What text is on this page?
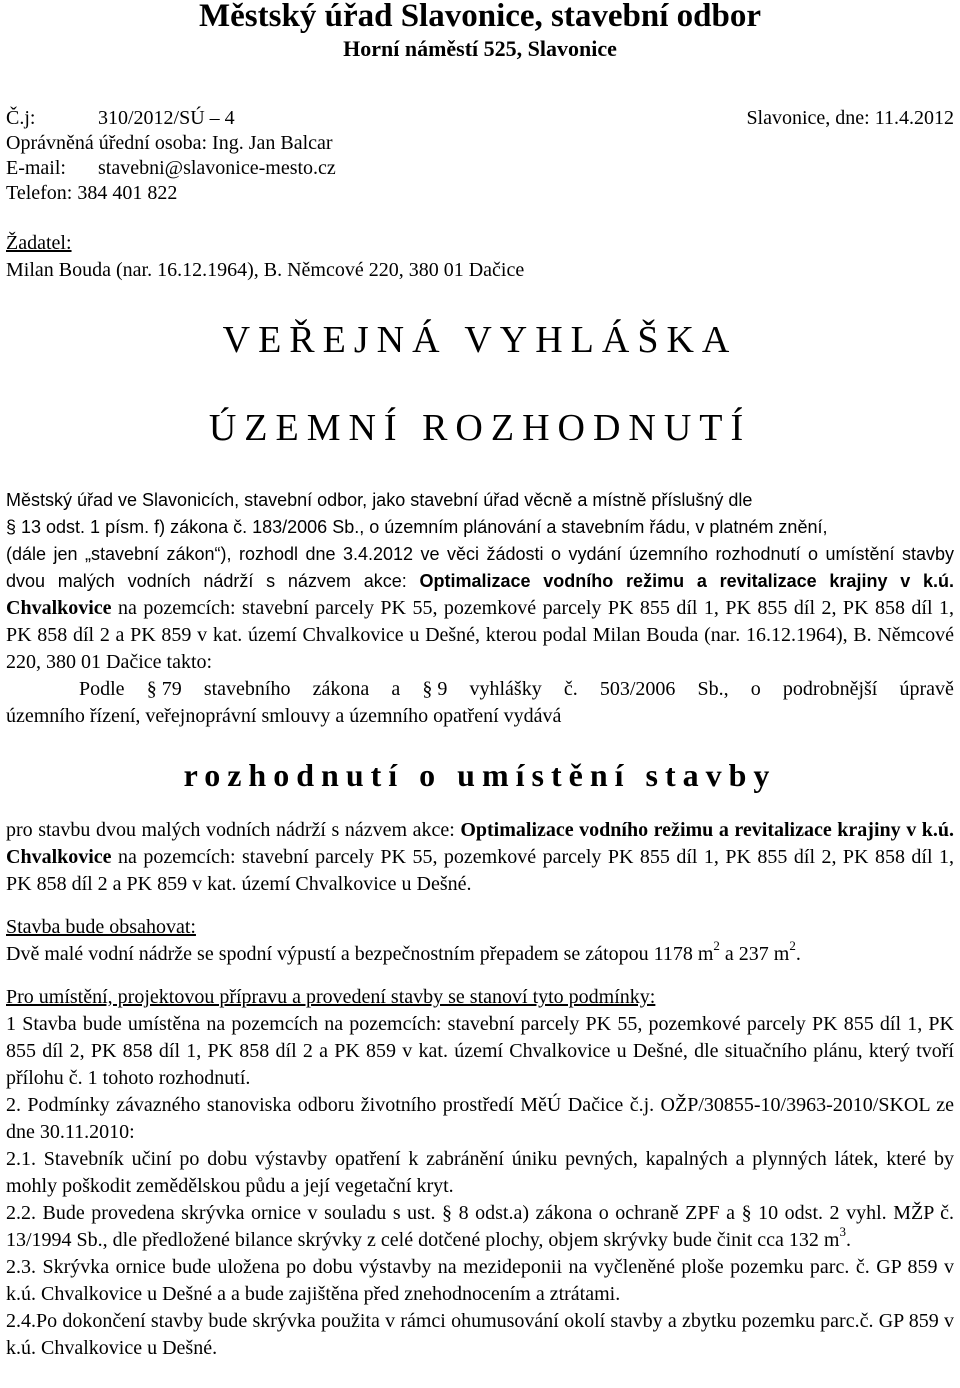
Městský úřad Slavonice, stavební odbor
Horní náměstí 525, Slavonice
Č.j:	310/2012/SÚ – 4	Slavonice, dne: 11.4.2012
Oprávněná úřední osoba: Ing. Jan Balcar
E-mail: stavebni@slavonice-mesto.cz
Telefon: 384 401 822
Žadatel:
Milan Bouda (nar. 16.12.1964), B. Němcové 220, 380 01 Dačice
VEŘEJNÁ VYHLÁŠKA
ÚZEMNÍ ROZHODNUTÍ

Městský úřad ve Slavonicích, stavební odbor, jako stavební úřad věcně a místně příslušný dle

§ 13 odst. 1 písm. f) zákona č. 183/2006 Sb., o územním plánování a stavebním řádu, v platném znění,

(dále jen „stavební zákon“), rozhodl dne 3.4.2012 ve věci žádosti o vydání územního rozhodnutí o umístění stavby dvou malých vodních nádrží s názvem akce: Optimalizace vodního režimu a revitalizace krajiny v k.ú. Chvalkovice na pozemcích: stavební parcely PK 55, pozemkové parcely PK 855 díl 1, PK 855 díl 2, PK 858 díl 1, PK 858 díl 2 a PK 859 v kat. území Chvalkovice u Dešné, kterou podal Milan Bouda (nar. 16.12.1964), B. Němcové 220, 380 01 Dačice takto:

Podle § 79 stavebního zákona a § 9 vyhlášky č. 503/2006 Sb., o podrobnější úpravě

územního řízení, veřejnoprávní smlouvy a územního opatření vydává

rozhodnutí o umístění stavby

pro stavbu dvou malých vodních nádrží s názvem akce: Optimalizace vodního režimu a revitalizace krajiny v k.ú. Chvalkovice na pozemcích: stavební parcely PK 55, pozemkové parcely PK 855 díl 1, PK 855 díl 2, PK 858 díl 1, PK 858 díl 2 a PK 859 v kat. území Chvalkovice u Dešné.

Stavba bude obsahovat:

Dvě malé vodní nádrže se spodní výpustí a bezpečnostním přepadem se zátopou 1178 $m^2$ a 237 $m^2$.

Pro umístění, projektovou přípravu a provedení stavby se stanoví tyto podmínky:

1 Stavba bude umístěna na pozemcích na pozemcích: stavební parcely PK 55, pozemkové parcely PK 855 díl 1, PK 855 díl 2, PK 858 díl 1, PK 858 díl 2 a PK 859 v kat. území Chvalkovice u Dešné, dle situačního plánu, který tvoří přílohu č. 1 tohoto rozhodnutí.

2. Podmínky závazného stanoviska odboru životního prostředí MěÚ Dačice č.j. OŽP/30855-10/3963-2010/SKOL ze dne 30.11.2010:

2.1. Stavebník učiní po dobu výstavby opatření k zabránění úniku pevných, kapalných a plynných látek, které by mohly poškodit zemědělskou půdu a její vegetační kryt.

2.2. Bude provedena skrývka ornice v souladu s ust. § 8 odst.a) zákona o ochraně ZPF a § 10 odst. 2 vyhl. MŽP č. 13/1994 Sb., dle předložené bilance skrývky z celé dotčené plochy, objem skrývky bude činit cca 132 $m^3$.

2.3. Skrývka ornice bude uložena po dobu výstavby na mezideponii na vyčleněné ploše pozemku parc. č. GP 859 v k.ú. Chvalkovice u Dešné a a bude zajištěna před znehodnocením a ztrátami.

2.4.Po dokončení stavby bude skrývka použita v rámci ohumusování okolí stavby a zbytku pozemku parc.č. GP 859 v k.ú. Chvalkovice u Dešné.
